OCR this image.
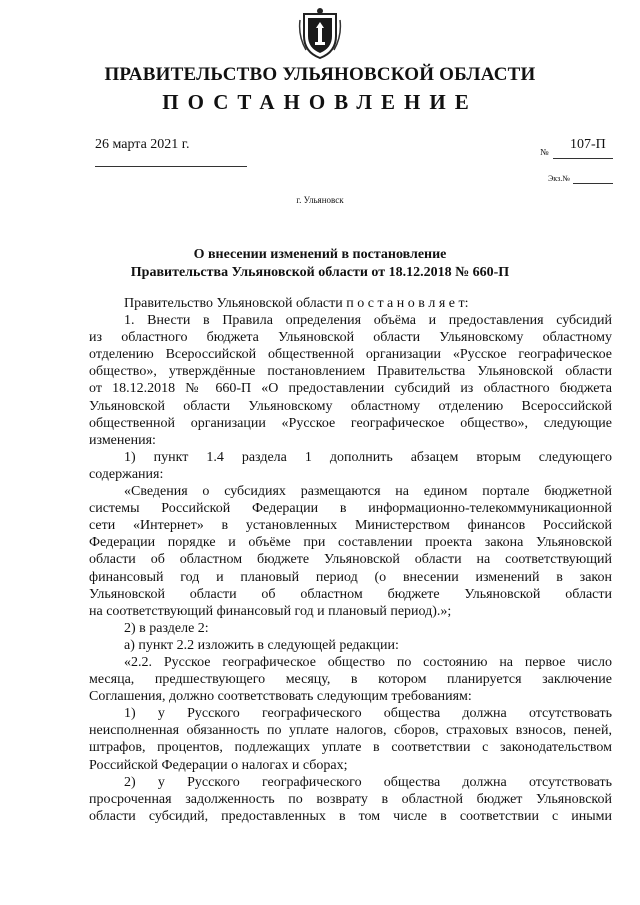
ПРАВИТЕЛЬСТВО УЛЬЯНОВСКОЙ ОБЛАСТИ
ПОСТАНОВЛЕНИЕ
26 марта 2021 г.	№ 107-П
Экз.№
г. Ульяновск
О внесении изменений в постановление
Правительства Ульяновской области от 18.12.2018 № 660-П

Правительство Ульяновской области п о с т а н о в л я е т:

1. Внести в Правила определения объёма и предоставления субсидий

из областного бюджета Ульяновской области Ульяновскому областному

отделению Всероссийской общественной организации «Русское географическое

общество», утверждённые постановлением Правительства Ульяновской области

от 18.12.2018 № 660-П «О предоставлении субсидий из областного бюджета

Ульяновской области Ульяновскому областному отделению Всероссийской

общественной организации «Русское географическое общество», следующие

изменения:

1) пункт 1.4 раздела 1 дополнить абзацем вторым следующего

содержания:

«Сведения о субсидиях размещаются на едином портале бюджетной

системы Российской Федерации в информационно-телекоммуникационной

сети «Интернет» в установленных Министерством финансов Российской

Федерации порядке и объёме при составлении проекта закона Ульяновской

области об областном бюджете Ульяновской области на соответствующий

финансовый год и плановый период (о внесении изменений в закон

Ульяновской области об областном бюджете Ульяновской области

на соответствующий финансовый год и плановый период).»;

2) в разделе 2:

а) пункт 2.2 изложить в следующей редакции:

«2.2. Русское географическое общество по состоянию на первое число

месяца, предшествующего месяцу, в котором планируется заключение

Соглашения, должно соответствовать следующим требованиям:

1) у Русского географического общества должна отсутствовать

неисполненная обязанность по уплате налогов, сборов, страховых взносов, пеней,

штрафов, процентов, подлежащих уплате в соответствии с законодательством

Российской Федерации о налогах и сборах;

2) у Русского географического общества должна отсутствовать

просроченная задолженность по возврату в областной бюджет Ульяновской

области субсидий, предоставленных в том числе в соответствии с иными
